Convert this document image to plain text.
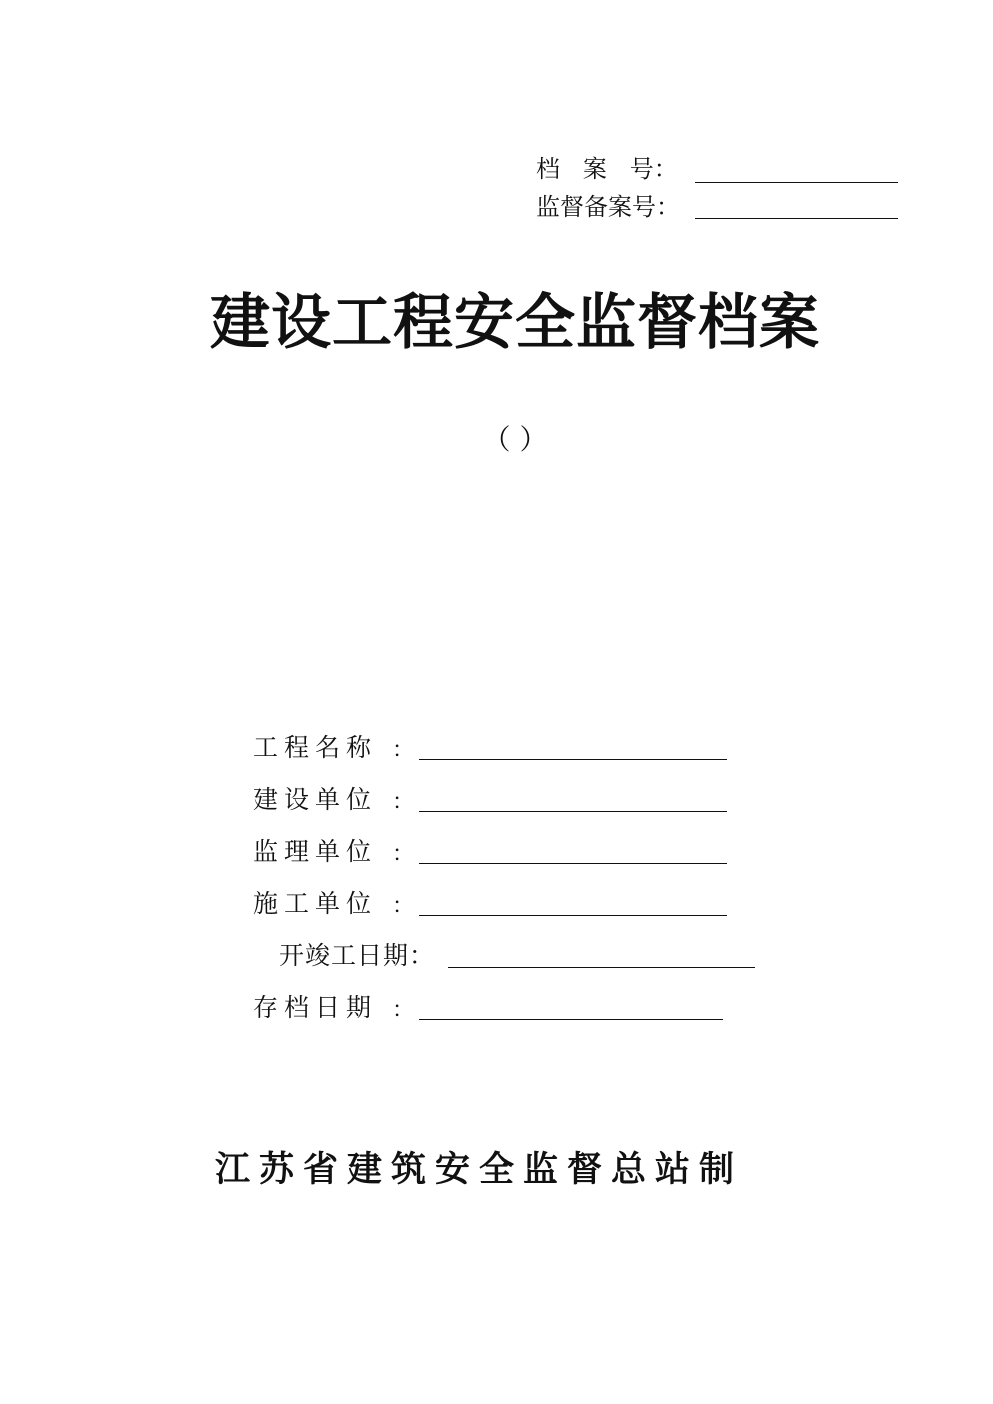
档   案   号：
监督备案号：
建设工程安全监督档案
（ ）
工程名称 ：
建设单位 ：
监理单位 ：
施工单位 ：
开竣工日期：
存档日期 ：
江苏省建筑安全监督总站制
